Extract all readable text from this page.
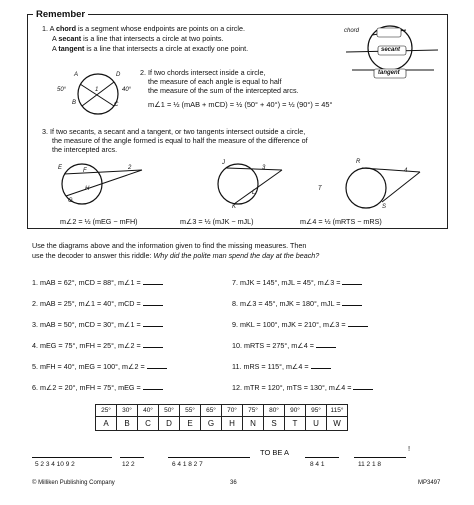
Remember
1. A chord is a segment whose endpoints are points on a circle.
A secant is a line that intersects a circle at two points.
A tangent is a line that intersects a circle at exactly one point.
chord
secant
tangent
2. If two chords intersect inside a circle,
the measure of each angle is equal to half
the measure of the sum of the intercepted arcs.
m∠1 = ½ (mAB + mCD) = ½ (50° + 40°) = ½ (90°) = 45°
A	D
B	C
50°	40°
1
3. If two secants, a secant and a tangent, or two tangents intersect outside a circle,
the measure of the angle formed is equal to half the measure of the difference of
the intercepted arcs.
E	F
G
H
2
J
K
L
3
R
T
S
4
m∠2 = ½ (mEG − mFH)	m∠3 = ½ (mJK − mJL)	m∠4 = ½ (mRTS − mRS)
Use the diagrams above and the information given to find the missing measures. Then
use the decoder to answer this riddle: Why did the polite man spend the day at the beach?
1. mAB = 62°, mCD = 88°, m∠1 =
2. mAB = 25°, m∠1 = 40°, mCD =
3. mAB = 50°, mCD = 30°, m∠1 =
4. mEG = 75°, mFH = 25°, m∠2 =
5. mFH = 40°, mEG = 100°, m∠2 =
6. m∠2 = 20°, mFH = 75°, mEG =
7. mJK = 145°, mJL = 45°, m∠3 =
8. m∠3 = 45°, mJK = 180°, mJL =
9. mKL = 100°, mJK = 210°, m∠3 =
10. mRTS = 275°, m∠4 =
11. mRS = 115°, m∠4 =
12. mTR = 120°, mTS = 130°, m∠4 =
25°	30°	40°	50°	55°	65°	70°	75°	80°	90°	95°	115°
A	B	C	D	E	G	H	N	S	T	U	W
TO BE A	!
5 2 3 4 10 9 2	12 2	6 4 1 8 2 7	8 4 1	11 2 1 8
© Milliken Publishing Company	36	MP3497
